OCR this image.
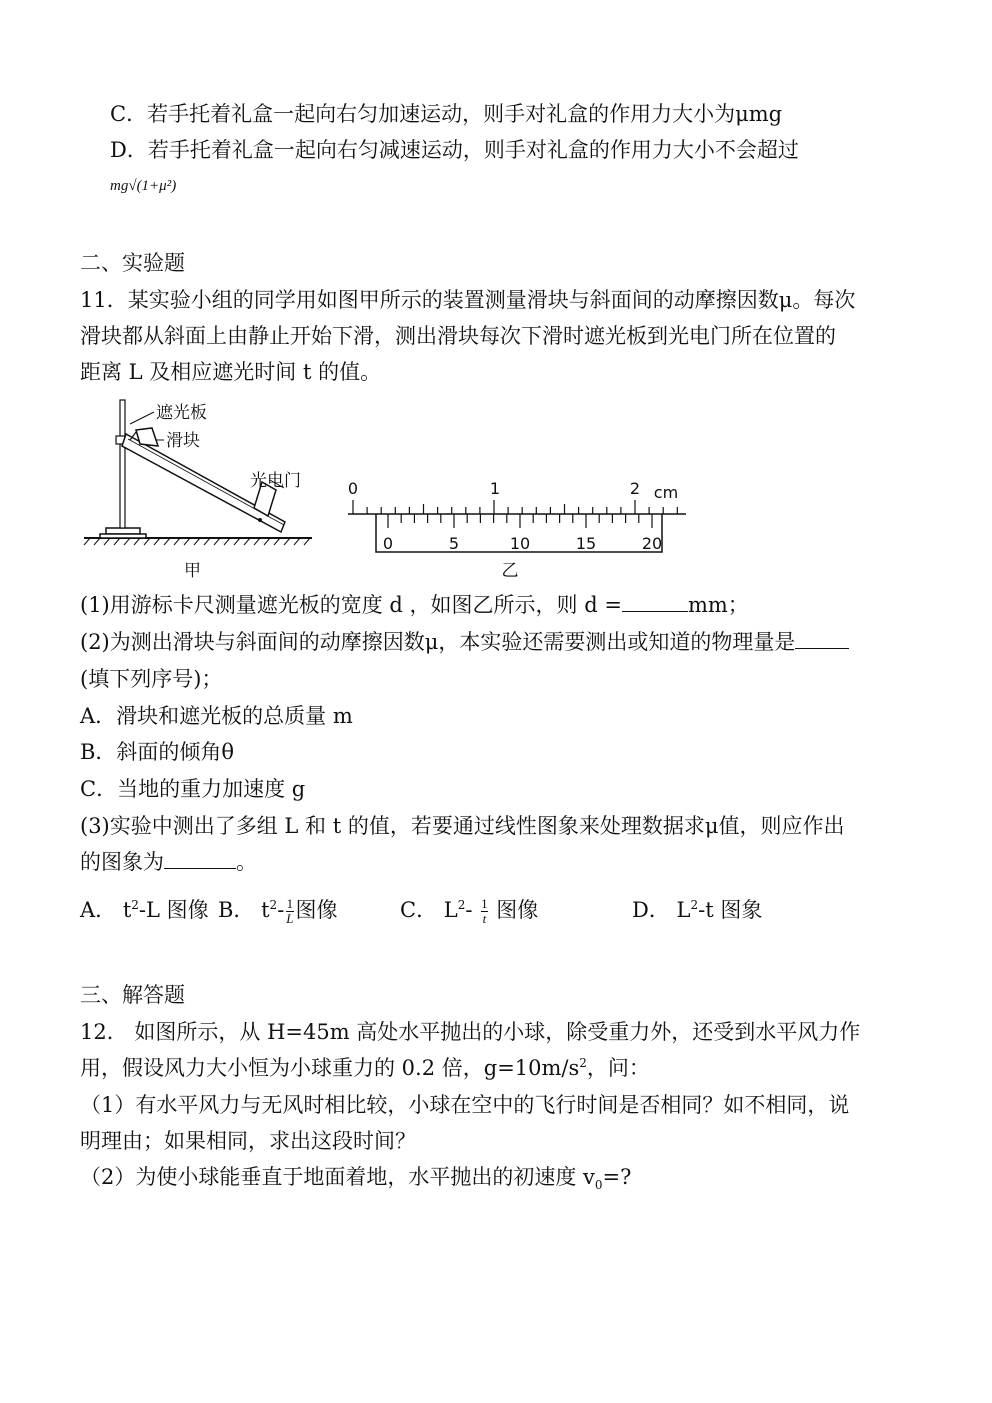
C．若手托着礼盒一起向右匀加速运动，则手对礼盒的作用力大小为μmg
D．若手托着礼盒一起向右匀减速运动，则手对礼盒的作用力大小不会超过
mg√(1+μ²)
二、实验题
11．某实验小组的同学用如图甲所示的装置测量滑块与斜面间的动摩擦因数μ。每次
滑块都从斜面上由静止开始下滑，测出滑块每次下滑时遮光板到光电门所在位置的
距离 L 及相应遮光时间 t 的值。
遮光板
滑块
光电门
甲
0	1	2 cm
0	5	10	15	20
乙
(1)用游标卡尺测量遮光板的宽度 d ，如图乙所示，则 d =	mm；
(2)为测出滑块与斜面间的动摩擦因数μ，本实验还需要测出或知道的物理量是
(填下列序号)；
A．滑块和遮光板的总质量 m
B．斜面的倾角θ
C．当地的重力加速度 g
(3)实验中测出了多组 L 和 t 的值，若要通过线性图象来处理数据求μ值，则应作出
的图象为	。
A． $t^2-L$ 图像 B． $t^2- \frac{1}{L}$ 图像	C． $L^2- \frac{1}{t}$ 图像	D． $L^2-t$ 图象
三、解答题
12． 如图所示，从 H=45m 高处水平抛出的小球，除受重力外，还受到水平风力作
用，假设风力大小恒为小球重力的 0.2 倍，$g=10m/s^2$，问：
（1）有水平风力与无风时相比较，小球在空中的飞行时间是否相同？如不相同，说
明理由；如果相同，求出这段时间？
（2）为使小球能垂直于地面着地，水平抛出的初速度 $v_0=$?
